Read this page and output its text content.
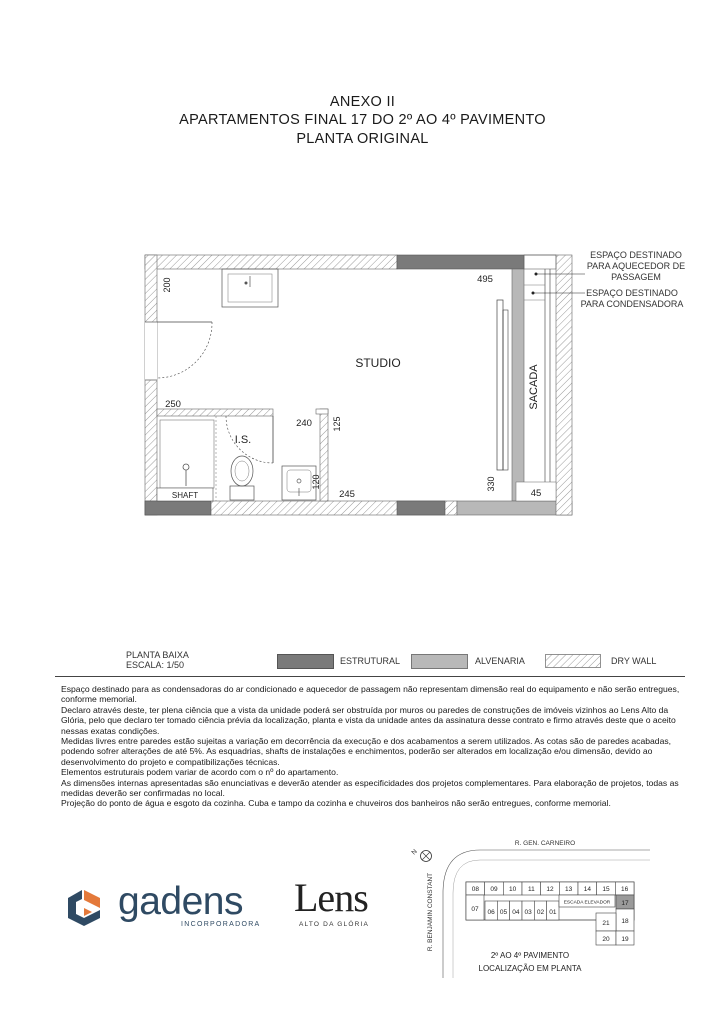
ANEXO II
APARTAMENTOS FINAL 17 DO 2º AO 4º PAVIMENTO
PLANTA ORIGINAL
STUDIO
I.S.
SACADA
SHAFT
200	495
250
240 125
120
245
330
45
ESPAÇO DESTINADO
PARA AQUECEDOR DE
PASSAGEM
ESPAÇO DESTINADO
PARA CONDENSADORA
PLANTA BAIXA
ESCALA: 1/50	ESTRUTURAL	ALVENARIA	DRY WALL

Espaço destinado para as condensadoras do ar condicionado e aquecedor de passagem não representam dimensão real do equipamento e não serão entregues, conforme memorial.

Declaro através deste, ter plena ciência que a vista da unidade poderá ser obstruída por muros ou paredes de construções de imóveis vizinhos ao Lens Alto da Glória, pelo que declaro ter tomado ciência prévia da localização, planta e vista da unidade antes da assinatura desse contrato e firmo através deste que o aceito nessas exatas condições.

Medidas livres entre paredes estão sujeitas a variação em decorrência da execução e dos acabamentos a serem utilizados. As cotas são de paredes acabadas, podendo sofrer alterações de até 5%. As esquadrias, shafts de instalações e enchimentos, poderão ser alterados em localização e/ou dimensão, devido ao desenvolvimento do projeto e compatibilizações técnicas.

Elementos estruturais podem variar de acordo com o nº do apartamento.

As dimensões internas apresentadas são enunciativas e deverão atender as especificidades dos projetos complementares. Para elaboração de projetos, todas as medidas deverão ser confirmadas no local.

Projeção do ponto de água e esgoto da cozinha. Cuba e tampo da cozinha e chuveiros dos banheiros não serão entregues, conforme memorial.

gadens
INCORPORADORA
Lens
ALTO DA GLÓRIA
N
R. GEN. CARNEIRO
R. BENJAMIN CONSTANT	08 09 10 11 12 13 14 15 16
07 06 05 04 03 02 01
ESCADA ELEVADOR 17
18
21
20 19
2º AO 4º PAVIMENTO
LOCALIZAÇÃO EM PLANTA
